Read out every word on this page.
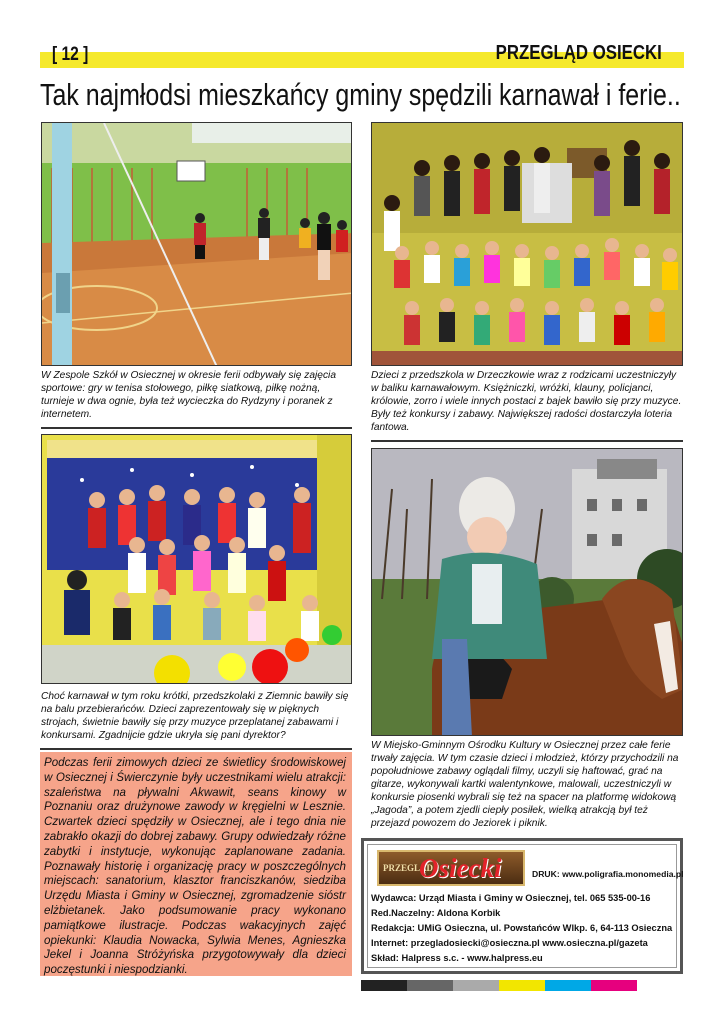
[ 12 ]	PRZEGLĄD OSIECKI
Tak najmłodsi mieszkańcy gminy spędzili karnawał i ferie..

W Zespole Szkół w Osiecznej w okresie ferii odbywały się zajęcia sportowe: gry w tenisa stołowego, piłkę siatkową, piłkę nożną, turnieje w dwa ognie, była też wycieczka do Rydzyny i poranek z internetem.

Dzieci z przedszkola w Drzeczkowie wraz z rodzicami uczestniczyły w baliku karnawałowym. Księżniczki, wróżki, klauny, policjanci, królowie, zorro i wiele innych postaci z bajek bawiło się przy muzyce. Były też konkursy i zabawy. Największej radości dostarczyła loteria fantowa.

Choć karnawał w tym roku krótki, przedszkolaki z Ziemnic bawiły się na balu przebierańców. Dzieci zaprezentowały się w pięknych strojach, świetnie bawiły się przy muzyce przeplatanej zabawami i konkursami. Zgadnijcie gdzie ukryła się pani dyrektor?

W Miejsko-Gminnym Ośrodku Kultury w Osiecznej przez całe ferie trwały zajęcia. W tym czasie dzieci i młodzież, którzy przychodzili na popołudniowe zabawy oglądali filmy, uczyli się haftować, grać na gitarze, wykonywali kartki walentynkowe, malowali, uczestniczyli w konkursie piosenki wybrali się też na spacer na platformę widokową „Jagoda”, a potem zjedli ciepły posiłek, wielką atrakcją był też przejazd powozem do Jeziorek i piknik.

Podczas ferii zimowych dzieci ze świetlicy środowiskowej w Osiecznej i Świerczynie były uczestnikami wielu atrakcji: szaleństwa na pływalni Akwawit, seans kinowy w Poznaniu oraz drużynowe zawody w kręgielni w Lesznie. Czwartek dzieci spędziły w Osiecznej, ale i tego dnia nie zabrakło okazji do dobrej zabawy. Grupy odwiedzały różne zabytki i instytucje, wykonując zaplanowane zadania. Poznawały historię i organizację pracy w poszczególnych miejscach: sanatorium, klasztor franciszkanów, siedziba Urzędu Miasta i Gminy w Osiecznej, zgromadzenie sióstr elżbietanek. Jako podsumowanie pracy wykonano pamiątkowe ilustracje. Podczas wakacyjnych zajęć opiekunki: Klaudia Nowacka, Sylwia Menes, Agnieszka Jekel i Joanna Stróżyńska przygotowywały dla dzieci poczęstunki i niespodzianki.

PRZEGLĄD
Osiecki	DRUK: www.poligrafia.monomedia.pl
Wydawca: Urząd Miasta i Gminy w Osiecznej, tel. 065 535-00-16
Red.Naczelny: Aldona Korbik
Redakcja: UMiG Osieczna, ul. Powstańców Wlkp. 6, 64-113 Osieczna
Internet: przegladosiecki@osieczna.pl www.osieczna.pl/gazeta
Skład: Halpress s.c. - www.halpress.eu
